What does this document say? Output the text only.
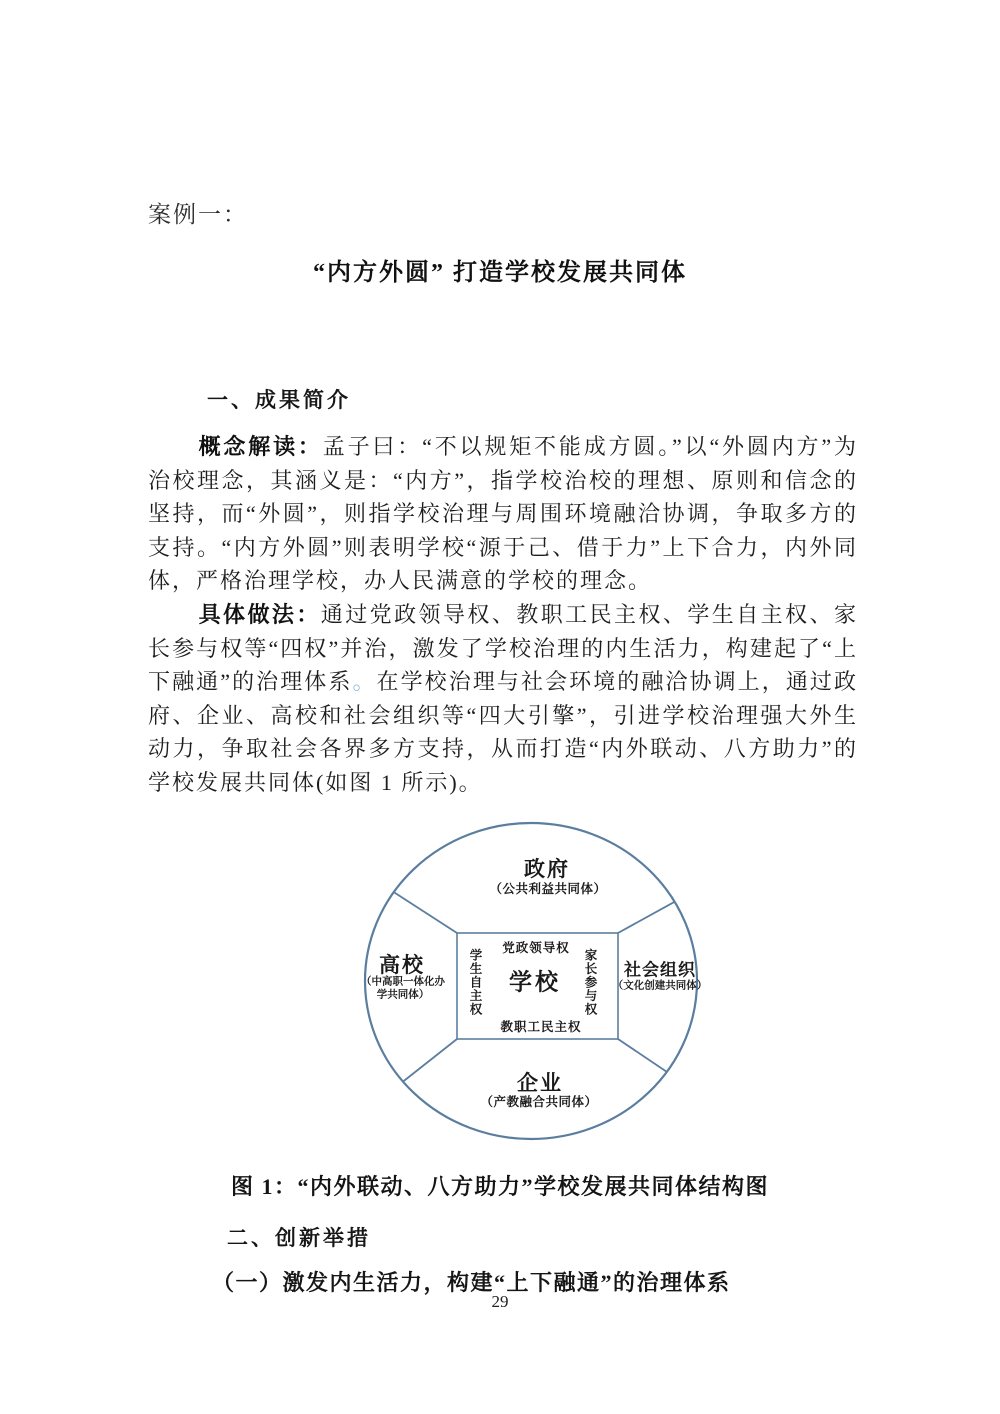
案例一：
“内方外圆” 打造学校发展共同体
一、成果简介

概念解读：孟子曰：“不以规矩不能成方圆。”以“外圆内方”为治校理念，其涵义是：“内方”，指学校治校的理想、原则和信念的坚持，而“外圆”，则指学校治理与周围环境融洽协调，争取多方的支持。“内方外圆”则表明学校“源于己、借于力”上下合力，内外同体，严格治理学校，办人民满意的学校的理念。

具体做法：通过党政领导权、教职工民主权、学生自主权、家长参与权等“四权”并治，激发了学校治理的内生活力，构建起了“上下融通”的治理体系。在学校治理与社会环境的融洽协调上，通过政府、企业、高校和社会组织等“四大引擎”，引进学校治理强大外生动力，争取社会各界多方支持，从而打造“内外联动、八方助力”的学校发展共同体(如图 1 所示)。

政府
（公共利益共同体）
高校
（中高职一体化办
学共同体）
社会组织
（文化创建共同体）
企业
（产教融合共同体）
党政领导权
学校
教职工民主权
学生自主权	家长参与权
图 1：“内外联动、八方助力”学校发展共同体结构图
二、创新举措
（一）激发内生活力，构建“上下融通”的治理体系
29
